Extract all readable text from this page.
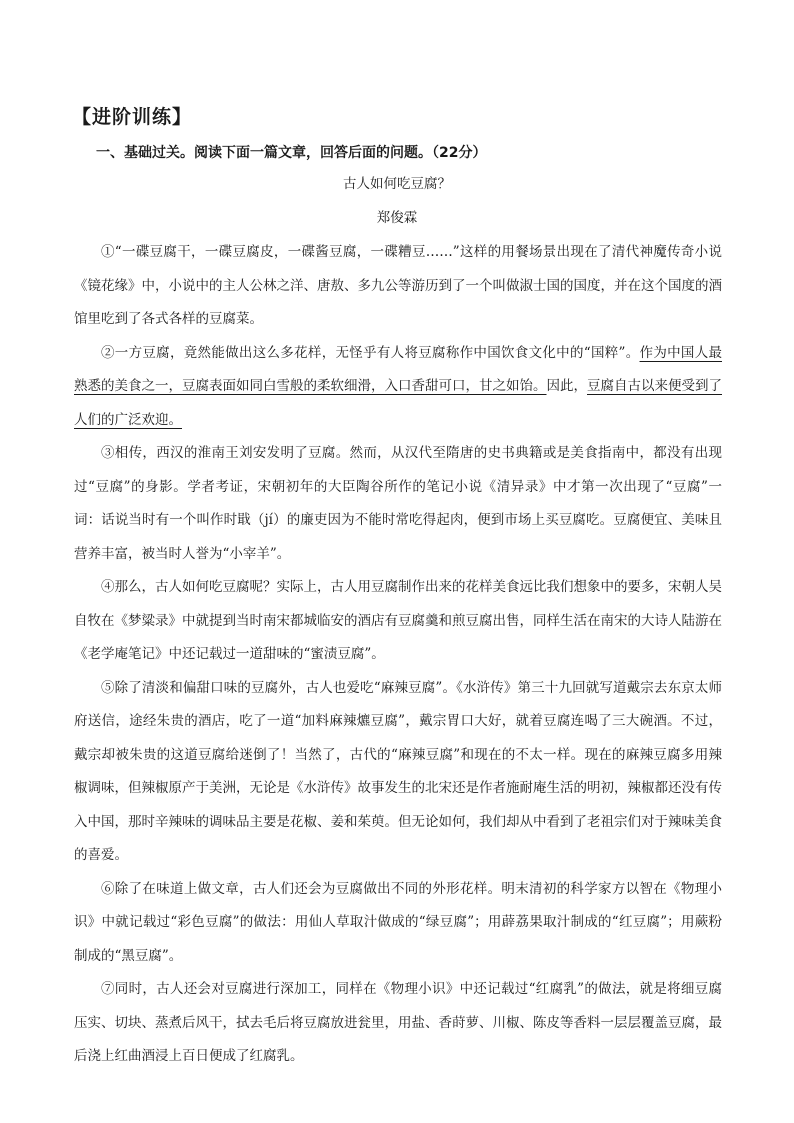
【进阶训练】
一、基础过关。阅读下面一篇文章，回答后面的问题。（22分）
古人如何吃豆腐？
郑俊霖

①“一碟豆腐干，一碟豆腐皮，一碟酱豆腐，一碟糟豆……”这样的用餐场景出现在了清代神魔传奇小说《镜花缘》中，小说中的主人公林之洋、唐敖、多九公等游历到了一个叫做淑士国的国度，并在这个国度的酒馆里吃到了各式各样的豆腐菜。

②一方豆腐，竟然能做出这么多花样，无怪乎有人将豆腐称作中国饮食文化中的“国粹”。作为中国人最熟悉的美食之一，豆腐表面如同白雪般的柔软细滑，入口香甜可口，甘之如饴。因此，豆腐自古以来便受到了人们的广泛欢迎。

③相传，西汉的淮南王刘安发明了豆腐。然而，从汉代至隋唐的史书典籍或是美食指南中，都没有出现过“豆腐”的身影。学者考证，宋朝初年的大臣陶谷所作的笔记小说《清异录》中才第一次出现了“豆腐”一词：话说当时有一个叫作时戢（jí）的廉吏因为不能时常吃得起肉，便到市场上买豆腐吃。豆腐便宜、美味且营养丰富，被当时人誉为“小宰羊”。

④那么，古人如何吃豆腐呢？实际上，古人用豆腐制作出来的花样美食远比我们想象中的要多，宋朝人吴自牧在《梦粱录》中就提到当时南宋都城临安的酒店有豆腐羹和煎豆腐出售，同样生活在南宋的大诗人陆游在《老学庵笔记》中还记载过一道甜味的“蜜渍豆腐”。

⑤除了清淡和偏甜口味的豆腐外，古人也爱吃“麻辣豆腐”。《水浒传》第三十九回就写道戴宗去东京太师府送信，途经朱贵的酒店，吃了一道“加料麻辣爊豆腐”，戴宗胃口大好，就着豆腐连喝了三大碗酒。不过，戴宗却被朱贵的这道豆腐给迷倒了！当然了，古代的“麻辣豆腐”和现在的不太一样。现在的麻辣豆腐多用辣椒调味，但辣椒原产于美洲，无论是《水浒传》故事发生的北宋还是作者施耐庵生活的明初，辣椒都还没有传入中国，那时辛辣味的调味品主要是花椒、姜和茱萸。但无论如何，我们却从中看到了老祖宗们对于辣味美食的喜爱。

⑥除了在味道上做文章，古人们还会为豆腐做出不同的外形花样。明末清初的科学家方以智在《物理小识》中就记载过“彩色豆腐”的做法：用仙人草取汁做成的“绿豆腐”；用薜荔果取汁制成的“红豆腐”；用蕨粉制成的“黑豆腐”。

⑦同时，古人还会对豆腐进行深加工，同样在《物理小识》中还记载过“红腐乳”的做法，就是将细豆腐压实、切块、蒸煮后风干，拭去毛后将豆腐放进瓮里，用盐、香莳萝、川椒、陈皮等香料一层层覆盖豆腐，最后浇上红曲酒浸上百日便成了红腐乳。
